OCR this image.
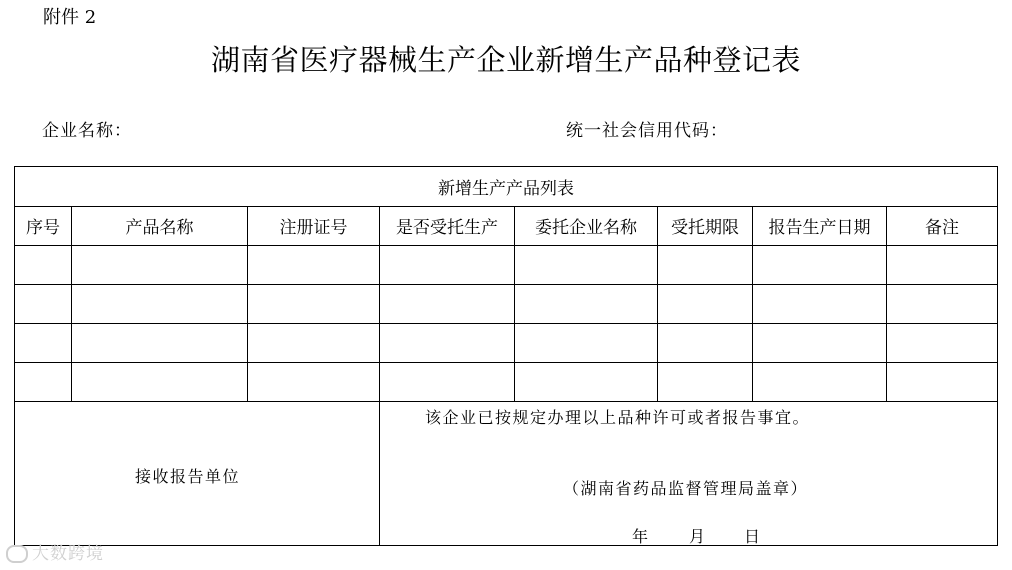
附件 2
湖南省医疗器械生产企业新增生产品种登记表
企业名称：	统一社会信用代码：
新增生产产品列表
序号	产品名称	注册证号	是否受托生产	委托企业名称	受托期限	报告生产日期	备注
接收报告单位
该企业已按规定办理以上品种许可或者报告事宜。
（湖南省药品监督管理局盖章）
年 月 日
大数跨境
